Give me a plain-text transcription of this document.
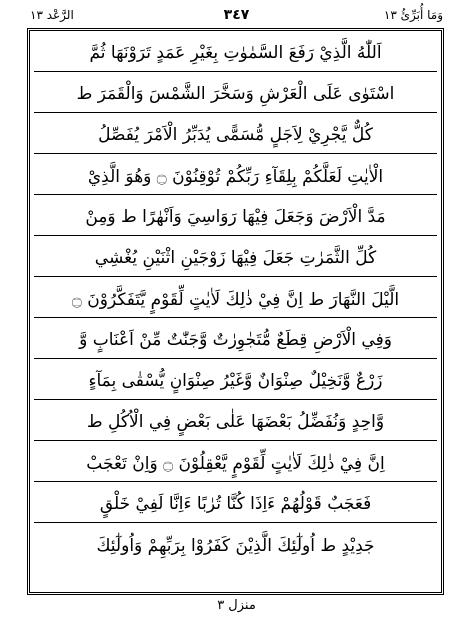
وَمَا أُبَرِّئُ ١٣
٣٤٧
الرَّعْد ١٣
اَللّٰهُ الَّذِيْ رَفَعَ السَّمٰوٰتِ بِغَيْرِ عَمَدٍ تَرَوْنَهَا ثُمَّ
اسْتَوٰى عَلَى الْعَرْشِ وَسَخَّرَ الشَّمْسَ وَالْقَمَرَ ط
كُلٌّ يَّجْرِيْ لِاَجَلٍ مُّسَمًّى يُدَبِّرُ الْاَمْرَ يُفَصِّلُ
الْاٰيٰتِ لَعَلَّكُمْ بِلِقَآءِ رَبِّكُمْ تُوْقِنُوْنَ ۝ وَهُوَ الَّذِيْ
مَدَّ الْاَرْضَ وَجَعَلَ فِيْهَا رَوَاسِيَ وَاَنْهٰرًا ط وَمِنْ
كُلِّ الثَّمَرٰتِ جَعَلَ فِيْهَا زَوْجَيْنِ اثْنَيْنِ يُغْشِي
الَّيْلَ النَّهَارَ ط اِنَّ فِيْ ذٰلِكَ لَاٰيٰتٍ لِّقَوْمٍ يَّتَفَكَّرُوْنَ ۝
وَفِي الْاَرْضِ قِطَعٌ مُّتَجٰوِرٰتٌ وَّجَنّٰتٌ مِّنْ اَعْنَابٍ وَّ
زَرْعٌ وَّنَخِيْلٌ صِنْوَانٌ وَّغَيْرُ صِنْوَانٍ يُّسْقٰى بِمَآءٍ
وَّاحِدٍ وَنُفَضِّلُ بَعْضَهَا عَلٰى بَعْضٍ فِي الْاُكُلِ ط
اِنَّ فِيْ ذٰلِكَ لَاٰيٰتٍ لِّقَوْمٍ يَّعْقِلُوْنَ ۝ وَاِنْ تَعْجَبْ
فَعَجَبٌ قَوْلُهُمْ ءَاِذَا كُنَّا تُرٰبًا ءَاِنَّا لَفِيْ خَلْقٍ
جَدِيْدٍ ط اُولٰٓئِكَ الَّذِيْنَ كَفَرُوْا بِرَبِّهِمْ وَاُولٰٓئِكَ
منزل ٣
